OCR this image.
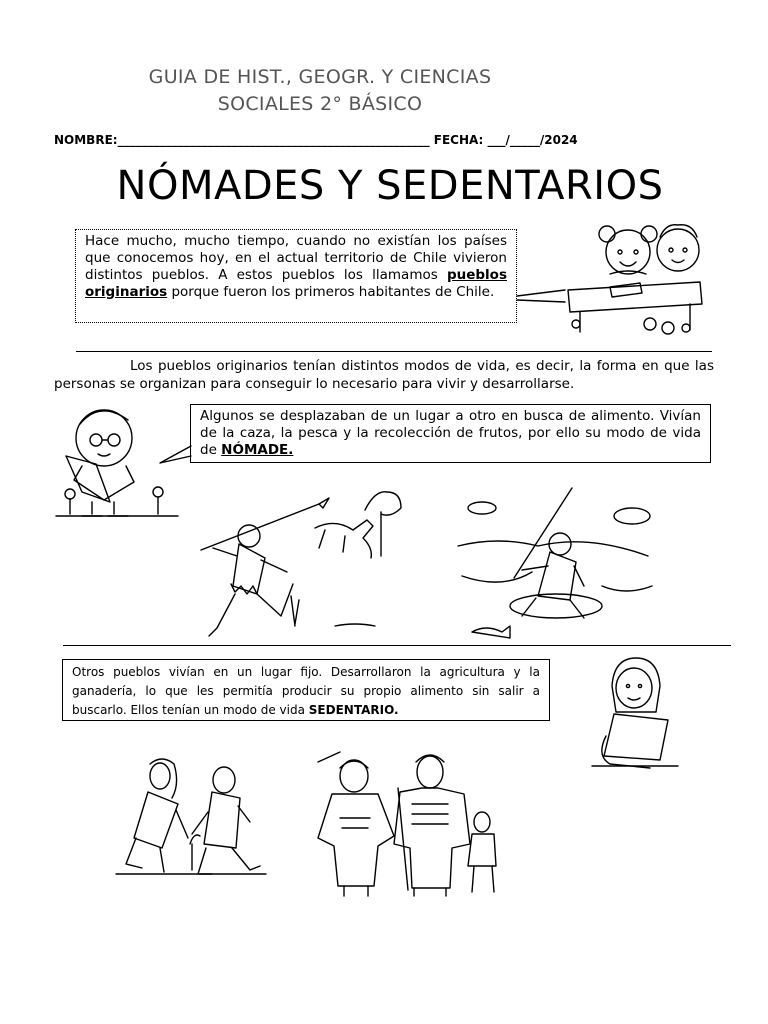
GUIA DE HIST., GEOGR. Y CIENCIAS
SOCIALES 2° BÁSICO
NOMBRE:____________________________________________________ FECHA: ___/_____/2024
NÓMADES Y SEDENTARIOS
Hace mucho, mucho tiempo, cuando no existían los países que conocemos hoy, en el actual territorio de Chile vivieron distintos pueblos. A estos pueblos los llamamos pueblos originarios porque fueron los primeros habitantes de Chile.
Los pueblos originarios tenían distintos modos de vida, es decir, la forma en que las personas se organizan para conseguir lo necesario para vivir y desarrollarse.
Algunos se desplazaban de un lugar a otro en busca de alimento. Vivían de la caza, la pesca y la recolección de frutos, por ello su modo de vida de NÓMADE.
Otros pueblos vivían en un lugar fijo. Desarrollaron la agricultura y la ganadería, lo que les permitía producir su propio alimento sin salir a buscarlo. Ellos tenían un modo de vida SEDENTARIO.
